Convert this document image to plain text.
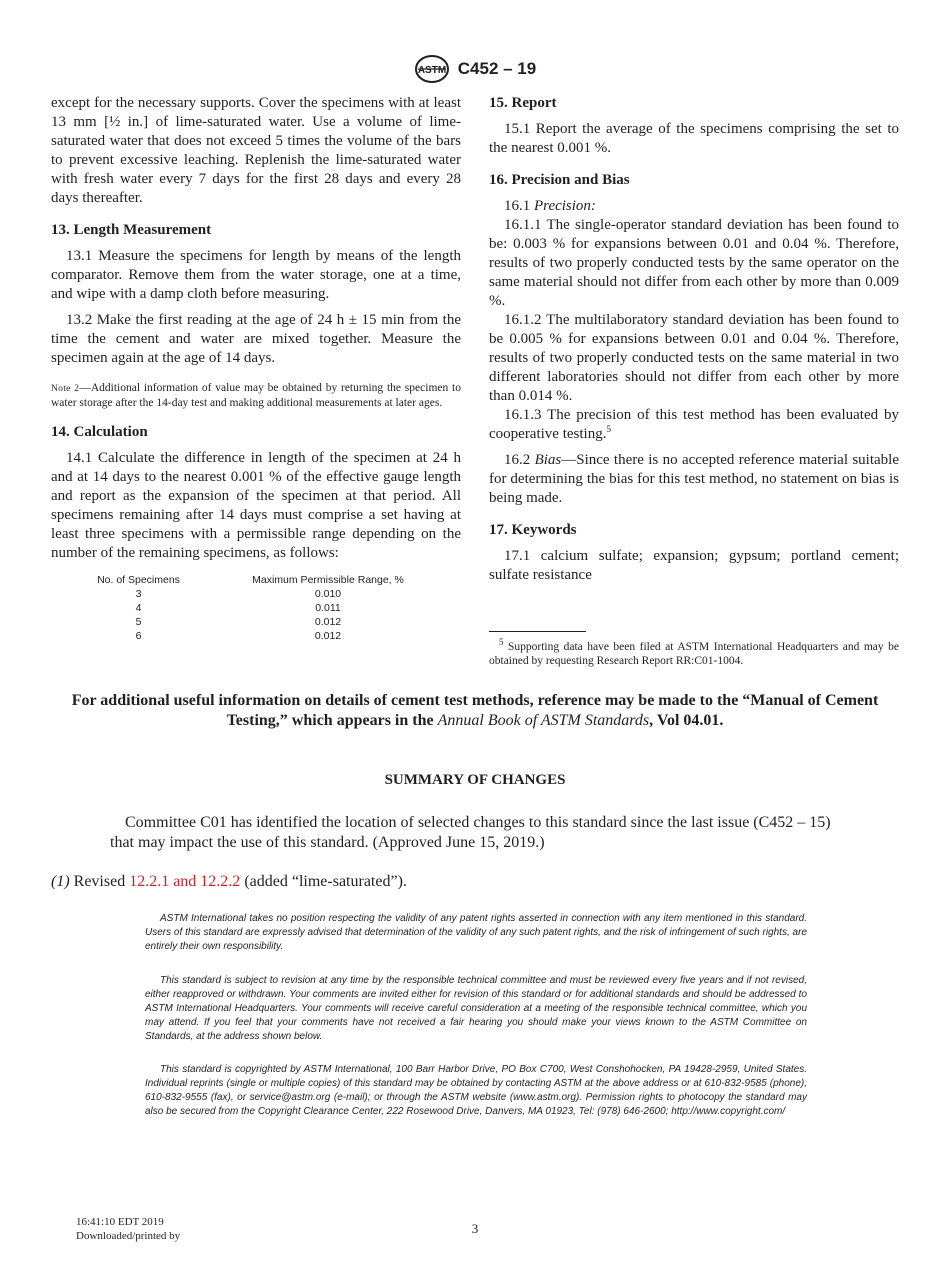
ASTM C452 – 19

except for the necessary supports. Cover the specimens with at least 13 mm [½ in.] of lime-saturated water. Use a volume of lime-saturated water that does not exceed 5 times the volume of the bars to prevent excessive leaching. Replenish the lime-saturated water with fresh water every 7 days for the first 28 days and every 28 days thereafter.

13. Length Measurement

13.1 Measure the specimens for length by means of the length comparator. Remove them from the water storage, one at a time, and wipe with a damp cloth before measuring.

13.2 Make the first reading at the age of 24 h ± 15 min from the time the cement and water are mixed together. Measure the specimen again at the age of 14 days.

Note 2—Additional information of value may be obtained by returning the specimen to water storage after the 14-day test and making additional measurements at later ages.

14. Calculation

14.1 Calculate the difference in length of the specimen at 24 h and at 14 days to the nearest 0.001 % of the effective gauge length and report as the expansion of the specimen at that period. All specimens remaining after 14 days must comprise a set having at least three specimens with a permissible range depending on the number of the remaining specimens, as follows:

No. of Specimens	Maximum Permissible Range, %
3	0.010
4	0.011
5	0.012
6	0.012
15. Report

15.1 Report the average of the specimens comprising the set to the nearest 0.001 %.

16. Precision and Bias

16.1 Precision:

16.1.1 The single-operator standard deviation has been found to be: 0.003 % for expansions between 0.01 and 0.04 %. Therefore, results of two properly conducted tests by the same operator on the same material should not differ from each other by more than 0.009 %.

16.1.2 The multilaboratory standard deviation has been found to be 0.005 % for expansions between 0.01 and 0.04 %. Therefore, results of two properly conducted tests on the same material in two different laboratories should not differ from each other by more than 0.014 %.

16.1.3 The precision of this test method has been evaluated by cooperative testing.$^5$

16.2 Bias—Since there is no accepted reference material suitable for determining the bias for this test method, no statement on bias is being made.

17. Keywords

17.1 calcium sulfate; expansion; gypsum; portland cement; sulfate resistance

$^5$ Supporting data have been filed at ASTM International Headquarters and may be obtained by requesting Research Report RR:C01-1004.
For additional useful information on details of cement test methods, reference may be made to the “Manual of Cement Testing,” which appears in the Annual Book of ASTM Standards, Vol 04.01.
SUMMARY OF CHANGES
Committee C01 has identified the location of selected changes to this standard since the last issue (C452 – 15) that may impact the use of this standard. (Approved June 15, 2019.)
(1) Revised 12.2.1 and 12.2.2 (added “lime-saturated”).

ASTM International takes no position respecting the validity of any patent rights asserted in connection with any item mentioned in this standard. Users of this standard are expressly advised that determination of the validity of any such patent rights, and the risk of infringement of such rights, are entirely their own responsibility.

This standard is subject to revision at any time by the responsible technical committee and must be reviewed every five years and if not revised, either reapproved or withdrawn. Your comments are invited either for revision of this standard or for additional standards and should be addressed to ASTM International Headquarters. Your comments will receive careful consideration at a meeting of the responsible technical committee, which you may attend. If you feel that your comments have not received a fair hearing you should make your views known to the ASTM Committee on Standards, at the address shown below.

This standard is copyrighted by ASTM International, 100 Barr Harbor Drive, PO Box C700, West Conshohocken, PA 19428-2959, United States. Individual reprints (single or multiple copies) of this standard may be obtained by contacting ASTM at the above address or at 610-832-9585 (phone), 610-832-9555 (fax), or service@astm.org (e-mail); or through the ASTM website (www.astm.org). Permission rights to photocopy the standard may also be secured from the Copyright Clearance Center, 222 Rosewood Drive, Danvers, MA 01923, Tel: (978) 646-2600; http://www.copyright.com/

16:41:10 EDT 2019
Downloaded/printed by	3
